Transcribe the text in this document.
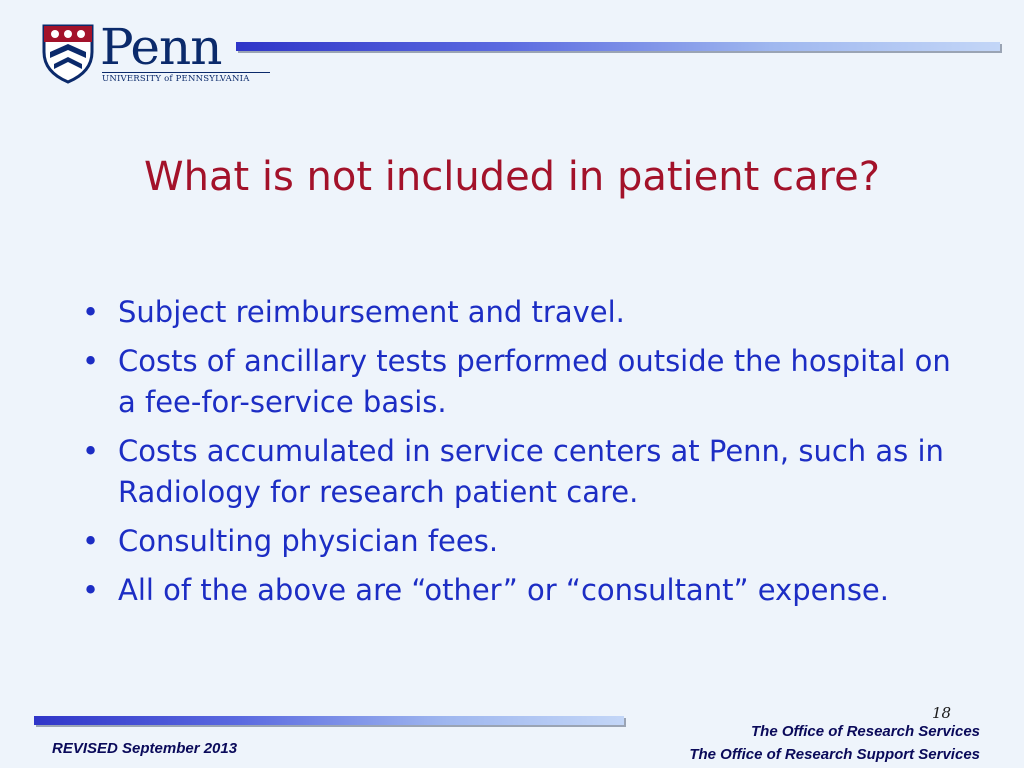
Penn
UNIVERSITY of PENNSYLVANIA
What is not included in patient care?
• Subject reimbursement and travel.
• Costs of ancillary tests performed outside the hospital on a fee-for-service basis.
• Costs accumulated in service centers at Penn, such as in Radiology for research patient care.
• Consulting physician fees.
• All of the above are “other” or “consultant” expense.
18
The Office of Research Services
The Office of Research Support Services
REVISED September 2013
